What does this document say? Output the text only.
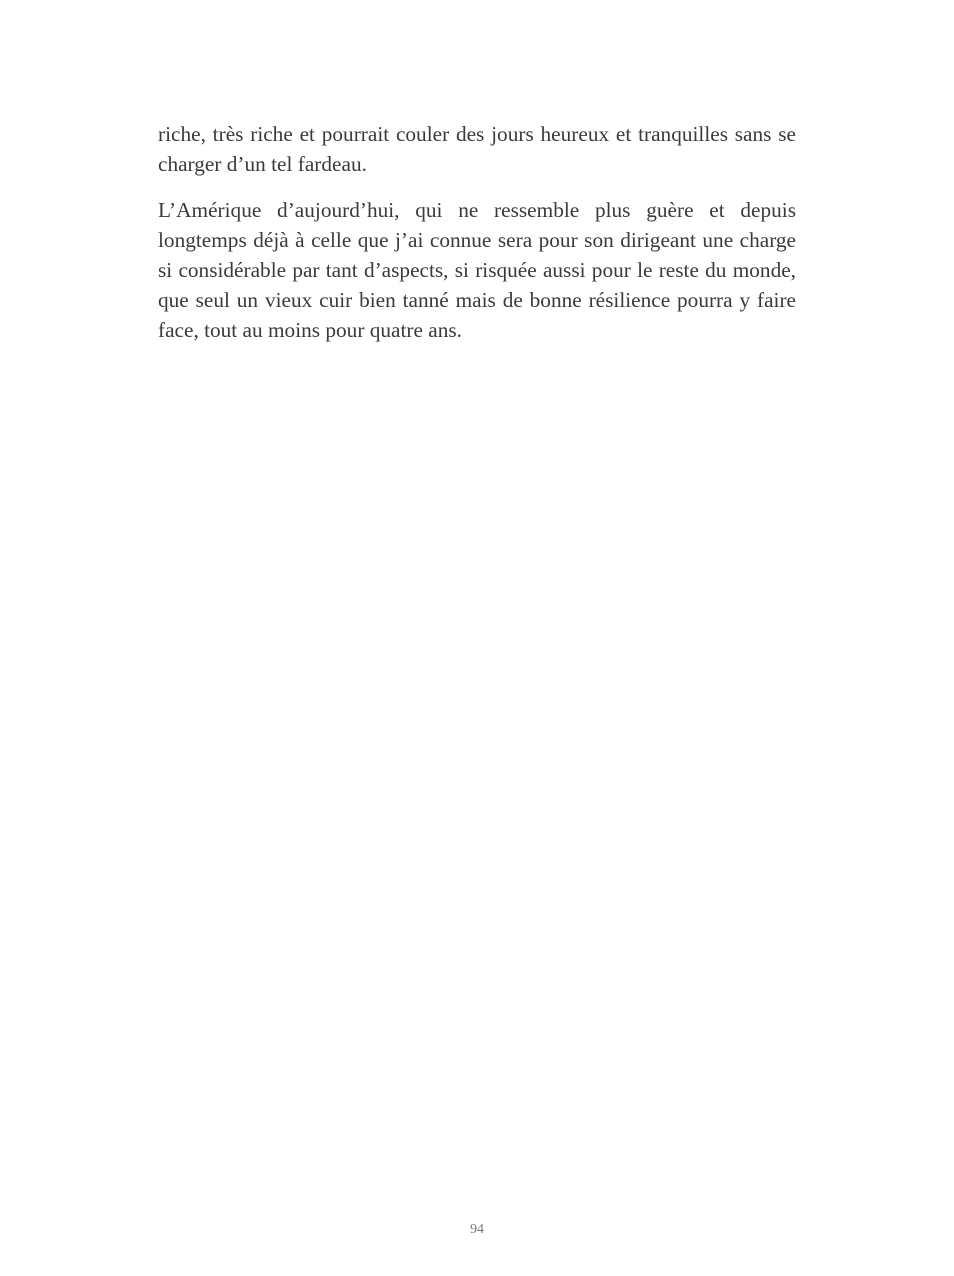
riche, très riche et pourrait couler des jours heureux et tranquilles sans se charger d’un tel fardeau.

L’Amérique d’aujourd’hui, qui ne ressemble plus guère et depuis longtemps déjà à celle que j’ai connue sera pour son dirigeant une charge si considérable par tant d’aspects, si risquée aussi pour le reste du monde, que seul un vieux cuir bien tanné mais de bonne résilience pourra y faire face, tout au moins pour quatre ans.

94
